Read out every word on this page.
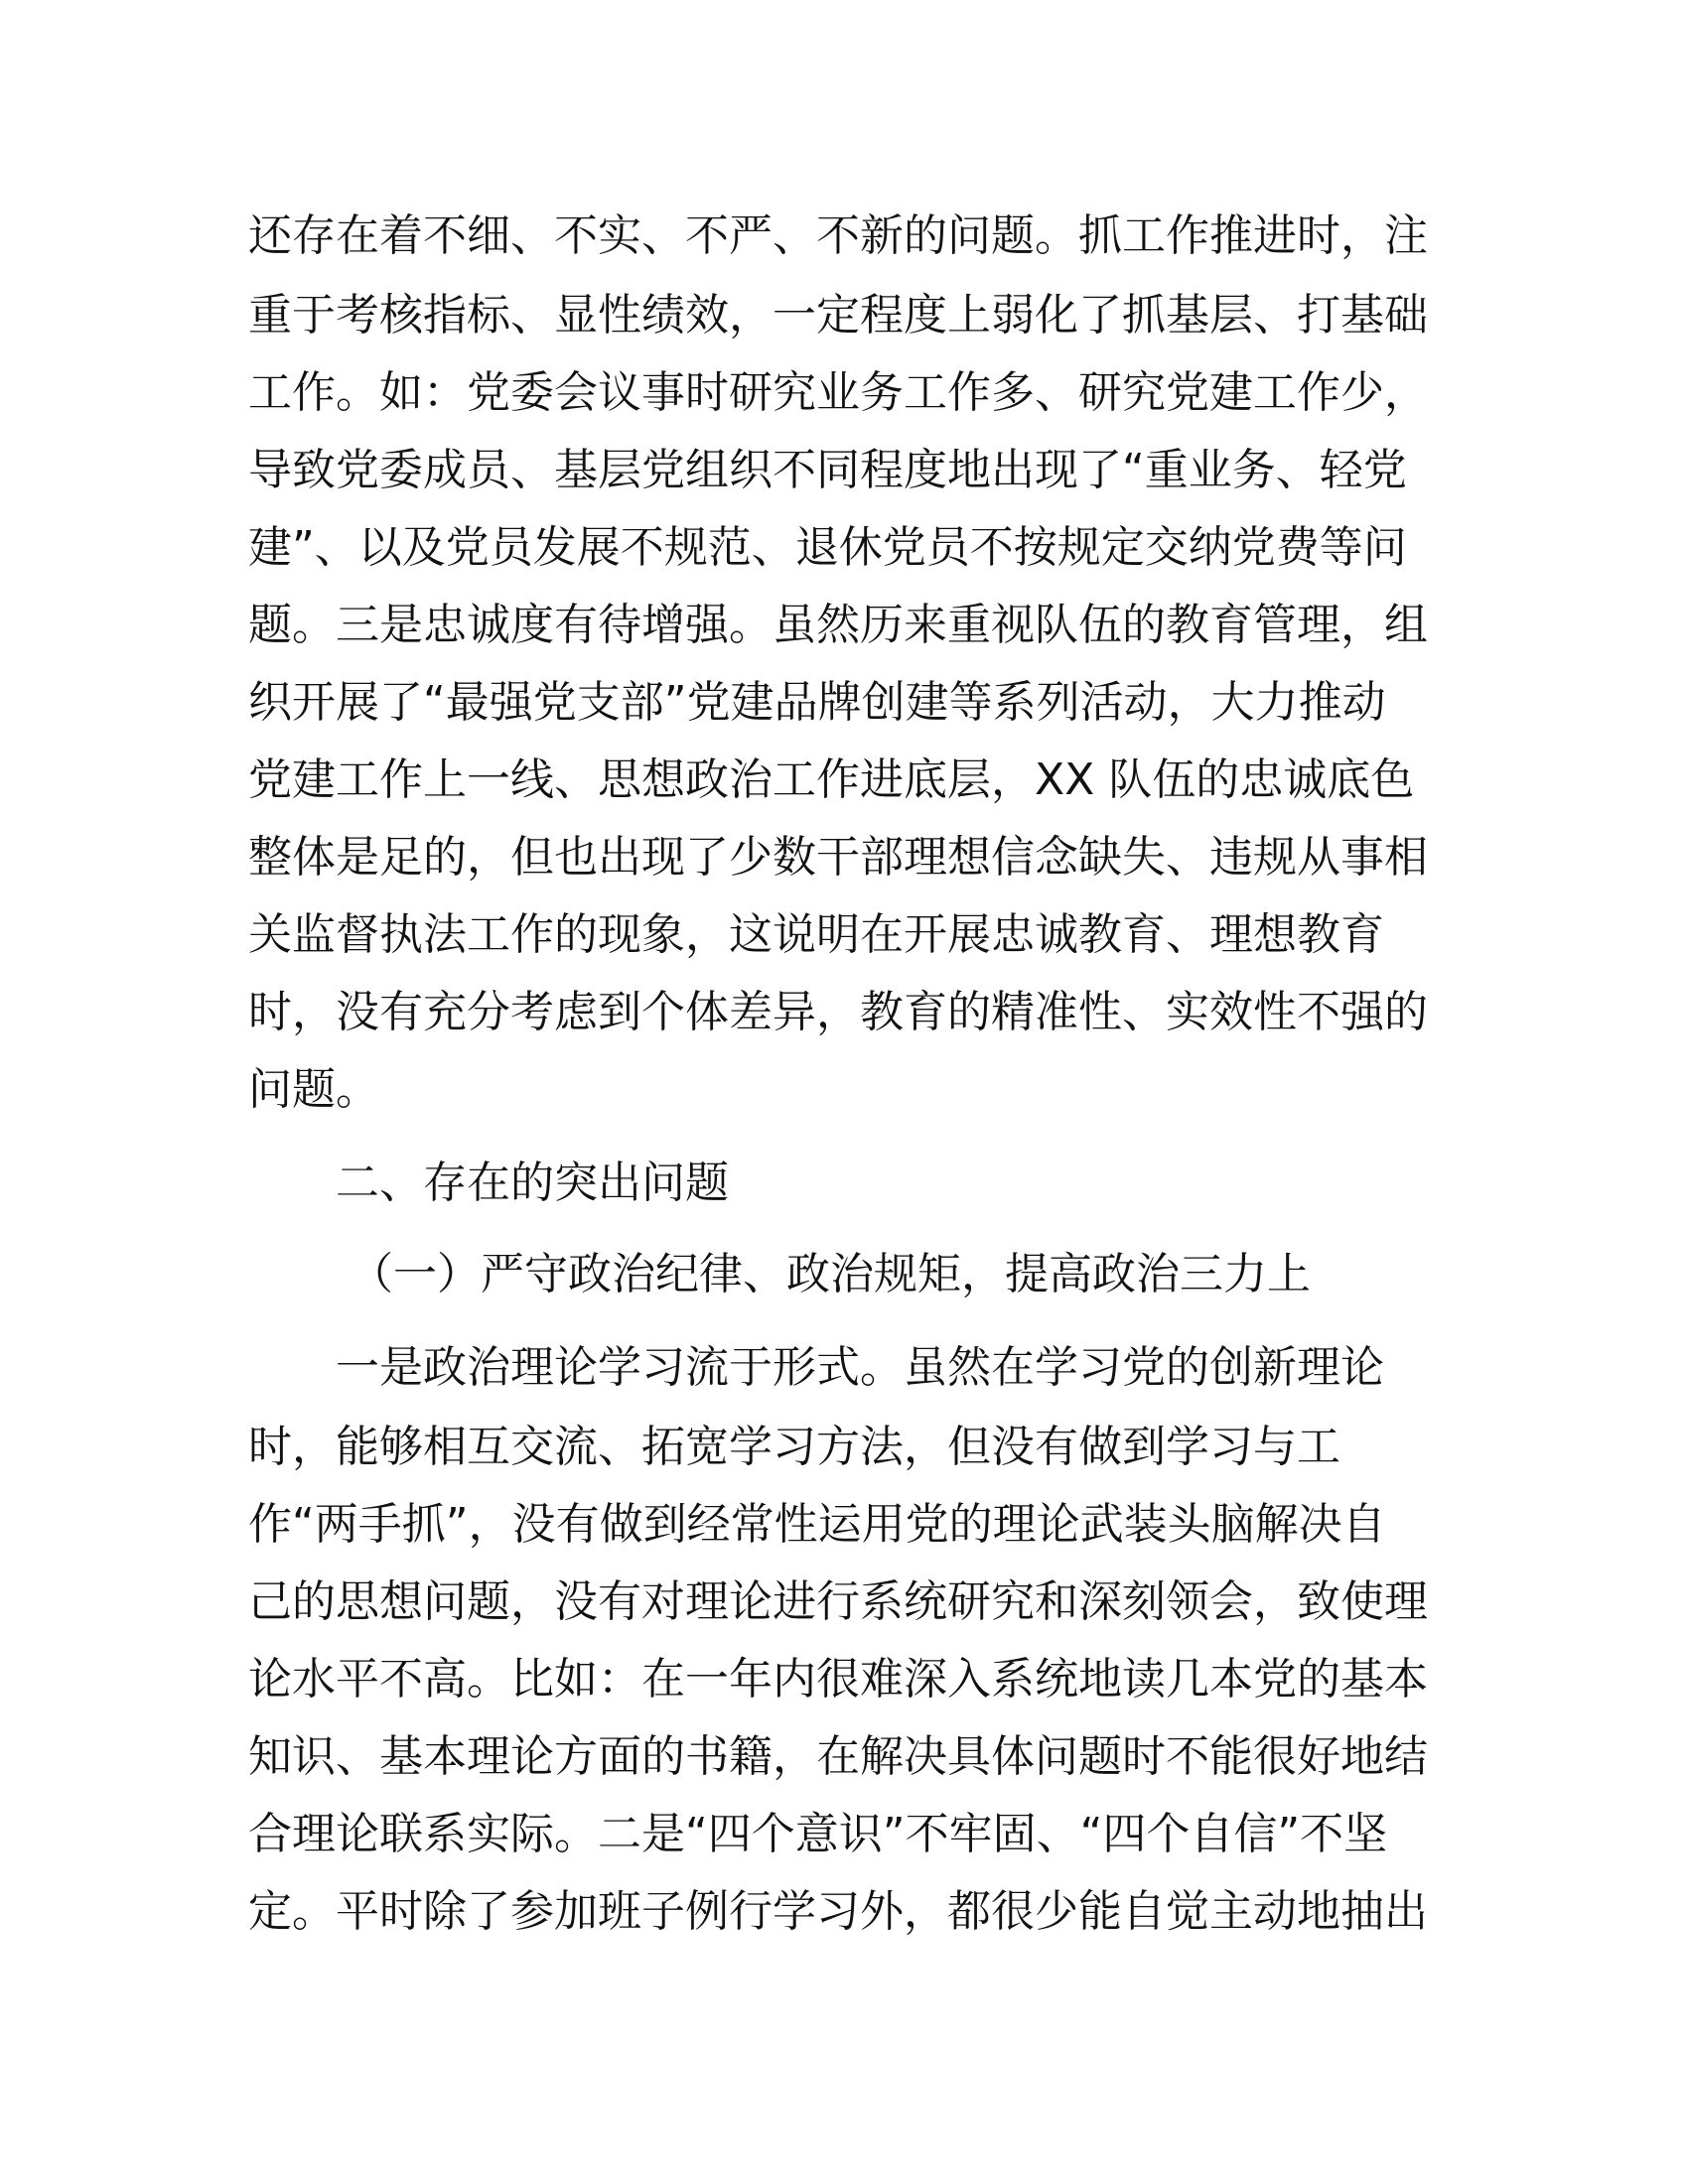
还存在着不细、不实、不严、不新的问题。抓工作推进时，注
重于考核指标、显性绩效，一定程度上弱化了抓基层、打基础
工作。如：党委会议事时研究业务工作多、研究党建工作少，
导致党委成员、基层党组织不同程度地出现了“重业务、轻党
建”、以及党员发展不规范、退休党员不按规定交纳党费等问
题。三是忠诚度有待增强。虽然历来重视队伍的教育管理，组
织开展了“最强党支部”党建品牌创建等系列活动，大力推动
党建工作上一线、思想政治工作进底层，XX 队伍的忠诚底色
整体是足的，但也出现了少数干部理想信念缺失、违规从事相
关监督执法工作的现象，这说明在开展忠诚教育、理想教育
时，没有充分考虑到个体差异，教育的精准性、实效性不强的
问题。
二、存在的突出问题
（一）严守政治纪律、政治规矩，提高政治三力上
一是政治理论学习流于形式。虽然在学习党的创新理论
时，能够相互交流、拓宽学习方法，但没有做到学习与工
作“两手抓”，没有做到经常性运用党的理论武装头脑解决自
己的思想问题，没有对理论进行系统研究和深刻领会，致使理
论水平不高。比如：在一年内很难深入系统地读几本党的基本
知识、基本理论方面的书籍，在解决具体问题时不能很好地结
合理论联系实际。二是“四个意识”不牢固、“四个自信”不坚
定。平时除了参加班子例行学习外，都很少能自觉主动地抽出
